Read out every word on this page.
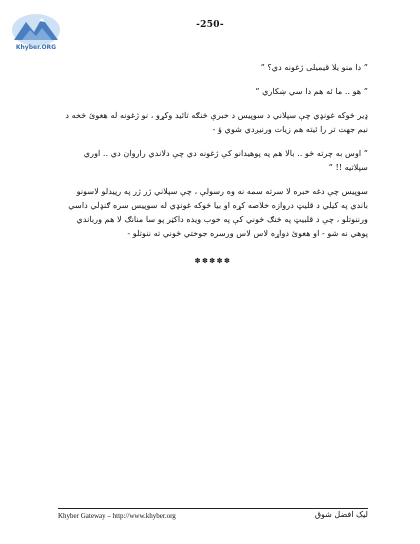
-250-
Khyber.ORG

” دا منو یلا قیمیلی ژغونه دي؟ ”

” هو .. ما ئه هم دا سي ښکاري ”

ډیر څوکه غونډي چې سپلاني د سوپیس د خبرې څنګه تائید وکړو ، نو ژغونه له هغوئ څخه د نیم جهت تر را ئیته هم زیات ورنیږدي شوي ؤ -

” اوس به چرته څو .. بالا هم په پوهیدانو کې ژغونه دي چې دلاندي راروان دي .. اوري سپلاتیه !! ”

سوپیس چې دغه خبره لا سرته سمه نه وه رسولې ، چې سپلاني ژر ژر په رپیدلو لاسونو باندي په کیلي د قلیټ دروازه خلاصه کړه او بیا څوکه غونډي له سوپیس سره ګنډلي داسي ورننوتلو ، چې د قلبیټ په څنګ څوني کې په خوب ویده داکټر پو سا منانګ لا هم ورباندي پوهي نه شو - او هغوئ دواړه لاس لاس ورسره جوختي څوني ته ننوتلو -

✽✽✽✽✽
Khyber Gateway – http://www.khyber.org	لیک افضل شوق
